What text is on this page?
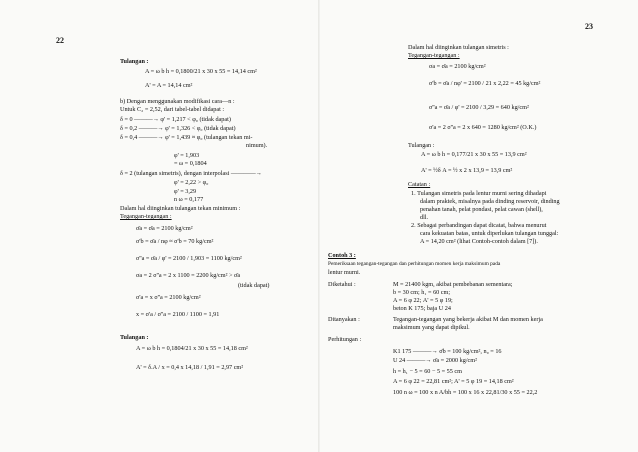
22
Tulangan :
A = ω b h = 0,1800/21 x 30 x 55 = 14,14 cm²
A' = A = 14,14 cm²
b) Dengan menggunakan modifikasi cara—n :
Untuk C₂ = 2,52, dari tabel-tabel didapat :
δ = 0 ———→ φ' = 1,217 < φ₀ (tidak dapat)
δ = 0,2 ———→ φ' = 1,326 < φ₀ (tidak dapat)
δ = 0,4 ———→ φ' = 1,439 ≈ φ₀ (tulangan tekan mi-
nimum).
φ' = 1,903
= ω = 0,1804
δ = 2 (tulangan simetris), dengan interpolasi ————→
φ' = 2,22 > φ₀
φ' = 3,29
n ω = 0,177
Dalam hal diinginkan tulangan tekan minimum :
Tegangan-tegangan :
σ̄a = σ̄a = 2100 kg/cm²
σ'b = σ̄a / nφ ≈ σ'b = 70 kg/cm²
σ''a = σ̄a / φ' = 2100 / 1,903 = 1100 kg/cm²
σa = 2 σ''a = 2 x 1100 = 2200 kg/cm² > σ̄a
(tidak dapat)
σ'a = x σ''a = 2100 kg/cm²
x = σ'a / σ''a = 2100 / 1100 = 1,91
Tulangan :
A = ω b h = 0,1804/21 x 30 x 55 = 14,18 cm²
A' = δ.A / x = 0,4 x 14,18 / 1,91 = 2,97 cm²
23
Dalam hal diinginkan tulangan simetris :
Tegangan-tegangan :
σa = σ̄a = 2100 kg/cm²
σ'b = σ̄a / nφ' = 2100 / 21 x 2,22 = 45 kg/cm²
σ''a = σ̄a / φ' = 2100 / 3,29 = 640 kg/cm²
σ'a = 2 σ''a = 2 x 640 = 1280 kg/cm² (O.K.)
Tulangan :
A = ω b h = 0,177/21 x 30 x 55 = 13,9 cm²
A' = ½δ A = ½ x 2 x 13,9 = 13,9 cm²
Catatan :
1. Tulangan simetris pada lentur murni sering dihadapi
dalam praktek, misalnya pada dinding reservoir, dinding
penahan tanah, pelat pondasi, pelat cawan (shell),
dll.
2. Sebagai perbandingan dapat dicatat, bahwa menurut
cara kekuatan batas, untuk diperlukan tulangan tunggal:
A = 14,20 cm² (lihat Contoh-contoh dalam [7]).
Contoh 3 :
Pemeriksaan tegangan-tegangan dan perhitungan momen kerja maksimum pada
lentur murni.
Diketahui :	M = 21400 kgm, akibat pembebanan sementara;
b = 30 cm; h₁ = 60 cm;
A = 6 φ 22; A' = 5 φ 19;
beton K 175; baja U 24
Ditanyakan :	Tegangan-tegangan yang bekerja akibat M dan momen kerja
maksimum yang dapat dipikul.
Perhitungan :
K1 175 ———→ σ̄b = 100 kg/cm², n₀ = 16
U 24 ———→ σ̄a = 2000 kg/cm²
h = h₁ − 5 = 60 − 5 = 55 cm
A = 6 φ 22 = 22,81 cm²; A' = 5 φ 19 = 14,18 cm²
100 n ω = 100 x n A/bh = 100 x 16 x 22,81/30 x 55 = 22,2
